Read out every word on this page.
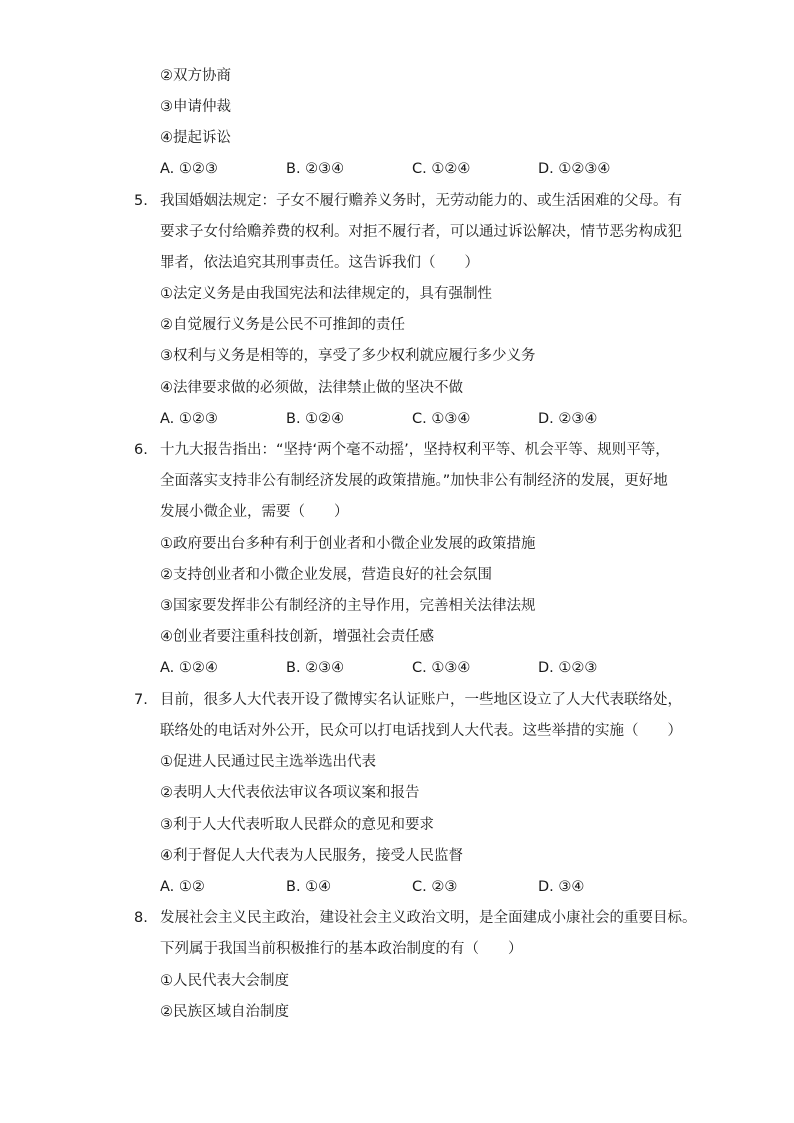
②双方协商
③申请仲裁
④提起诉讼
A. ①②③	B. ②③④	C. ①②④	D. ①②③④
5. 我国婚姻法规定：子女不履行赡养义务时，无劳动能力的、或生活困难的父母。有
要求子女付给赡养费的权利。对拒不履行者，可以通过诉讼解决，情节恶劣构成犯
罪者，依法追究其刑事责任。这告诉我们（　　）
①法定义务是由我国宪法和法律规定的，具有强制性
②自觉履行义务是公民不可推卸的责任
③权利与义务是相等的，享受了多少权利就应履行多少义务
④法律要求做的必须做，法律禁止做的坚决不做
A. ①②③	B. ①②④	C. ①③④	D. ②③④
6. 十九大报告指出：“坚持‘两个毫不动摇’，坚持权利平等、机会平等、规则平等，
全面落实支持非公有制经济发展的政策措施。”加快非公有制经济的发展，更好地
发展小微企业，需要（　　）
①政府要出台多种有利于创业者和小微企业发展的政策措施
②支持创业者和小微企业发展，营造良好的社会氛围
③国家要发挥非公有制经济的主导作用，完善相关法律法规
④创业者要注重科技创新，增强社会责任感
A. ①②④	B. ②③④	C. ①③④	D. ①②③
7. 目前，很多人大代表开设了微博实名认证账户，一些地区设立了人大代表联络处，
联络处的电话对外公开，民众可以打电话找到人大代表。这些举措的实施（　　）
①促进人民通过民主选举选出代表
②表明人大代表依法审议各项议案和报告
③利于人大代表听取人民群众的意见和要求
④利于督促人大代表为人民服务，接受人民监督
A. ①②	B. ①④	C. ②③	D. ③④
8. 发展社会主义民主政治，建设社会主义政治文明，是全面建成小康社会的重要目标。
下列属于我国当前积极推行的基本政治制度的有（　　）
①人民代表大会制度
②民族区域自治制度
